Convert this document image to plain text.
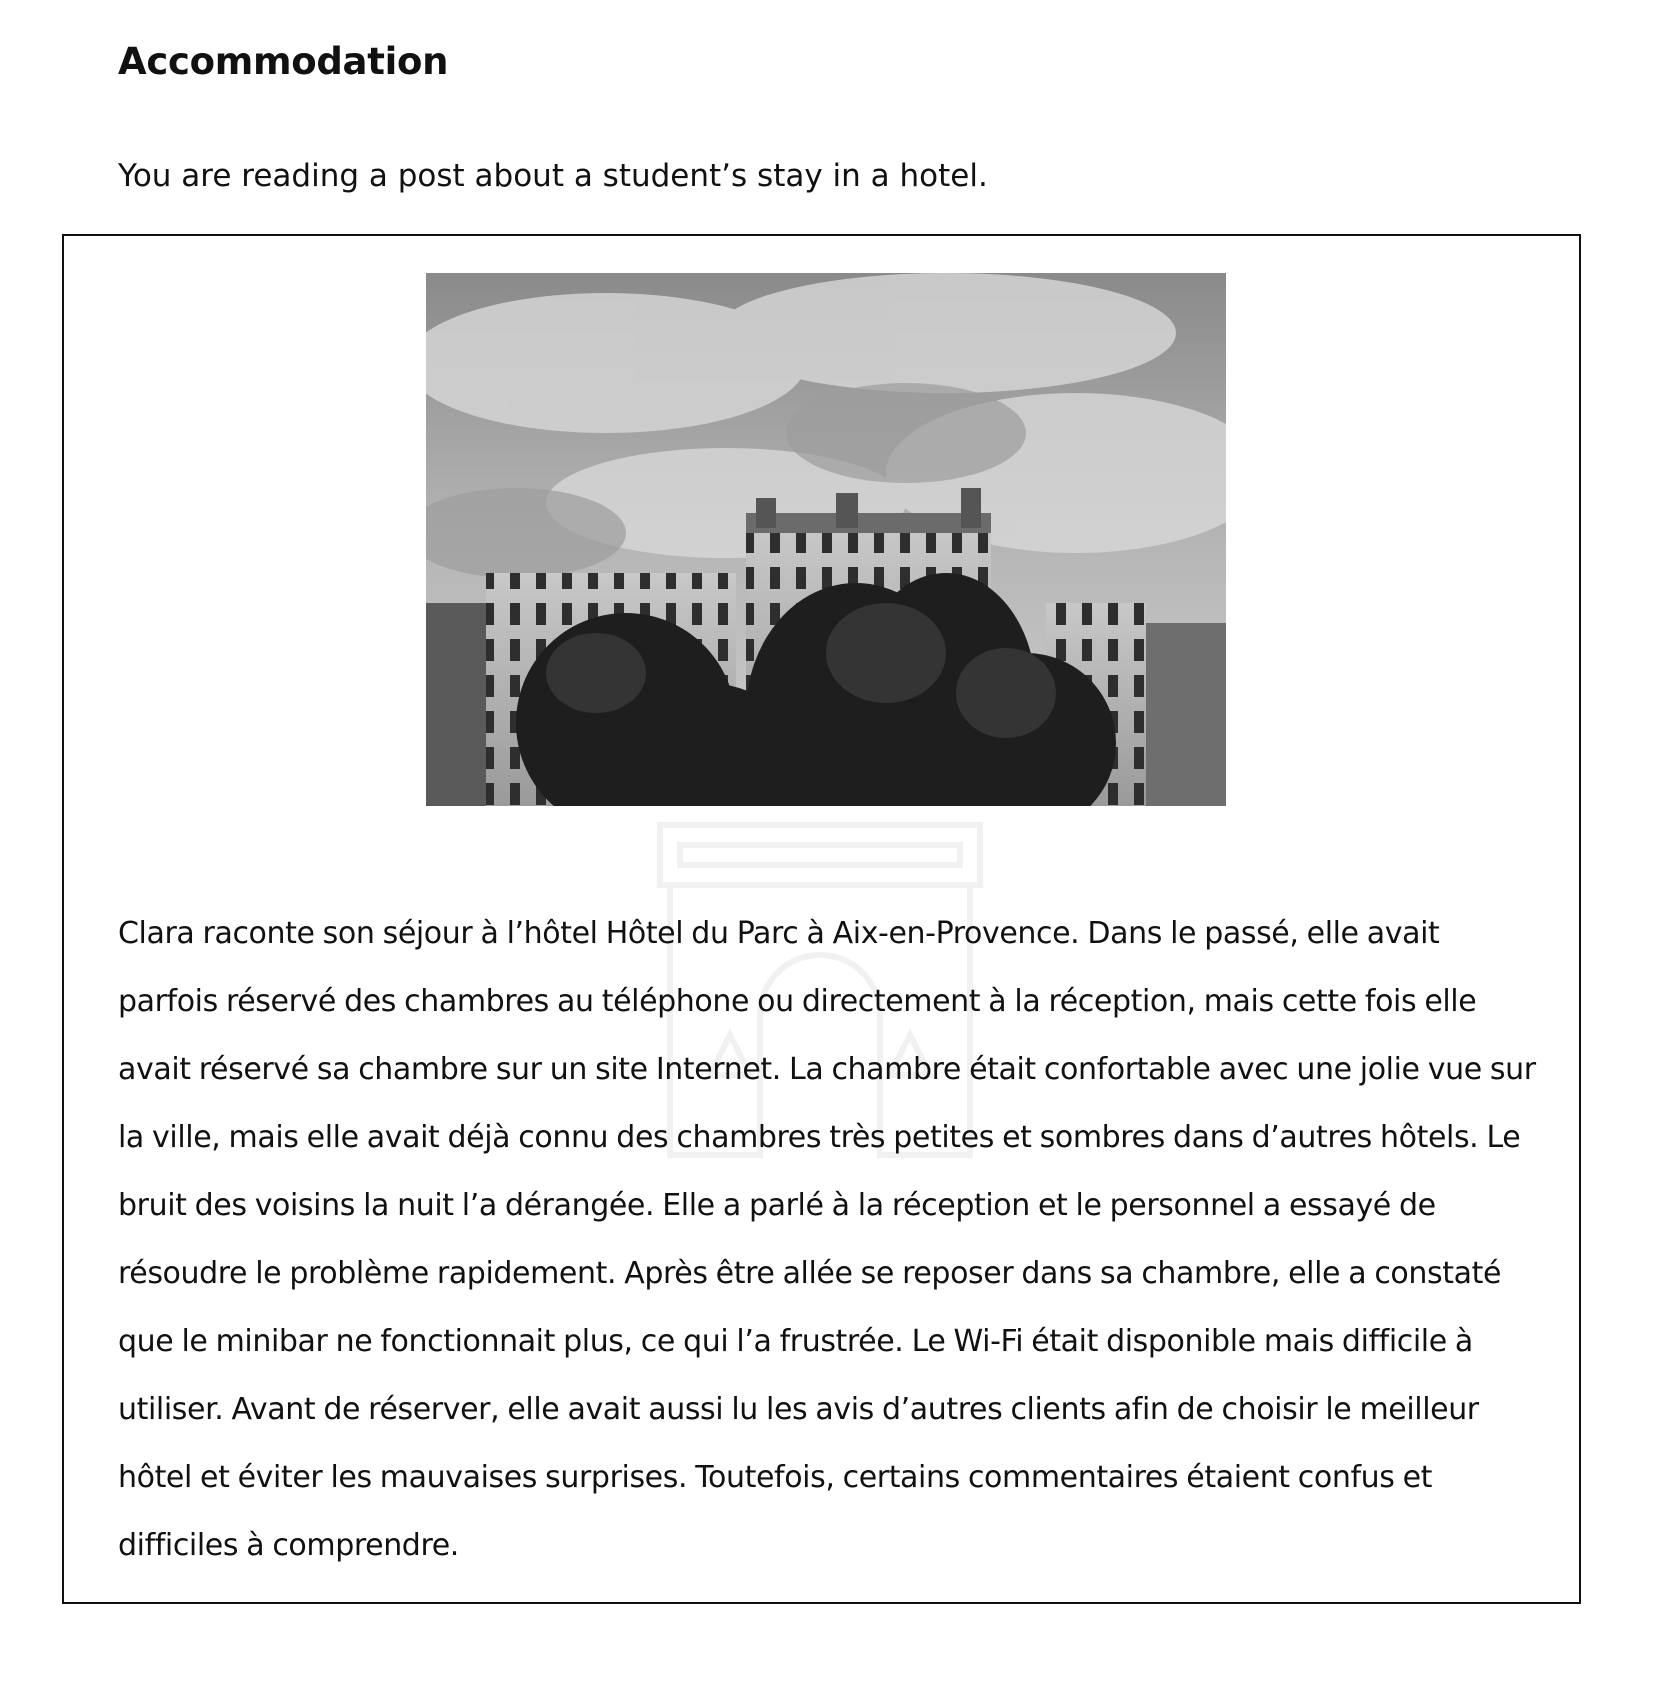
Accommodation

You are reading a post about a student’s stay in a hotel.

Clara raconte son séjour à l’hôtel Hôtel du Parc à Aix-en-Provence. Dans le passé, elle avait parfois réservé des chambres au téléphone ou directement à la réception, mais cette fois elle avait réservé sa chambre sur un site Internet. La chambre était confortable avec une jolie vue sur la ville, mais elle avait déjà connu des chambres très petites et sombres dans d’autres hôtels. Le bruit des voisins la nuit l’a dérangée. Elle a parlé à la réception et le personnel a essayé de résoudre le problème rapidement. Après être allée se reposer dans sa chambre, elle a constaté que le minibar ne fonctionnait plus, ce qui l’a frustrée. Le Wi-Fi était disponible mais difficile à utiliser. Avant de réserver, elle avait aussi lu les avis d’autres clients afin de choisir le meilleur hôtel et éviter les mauvaises surprises. Toutefois, certains commentaires étaient confus et difficiles à comprendre.
